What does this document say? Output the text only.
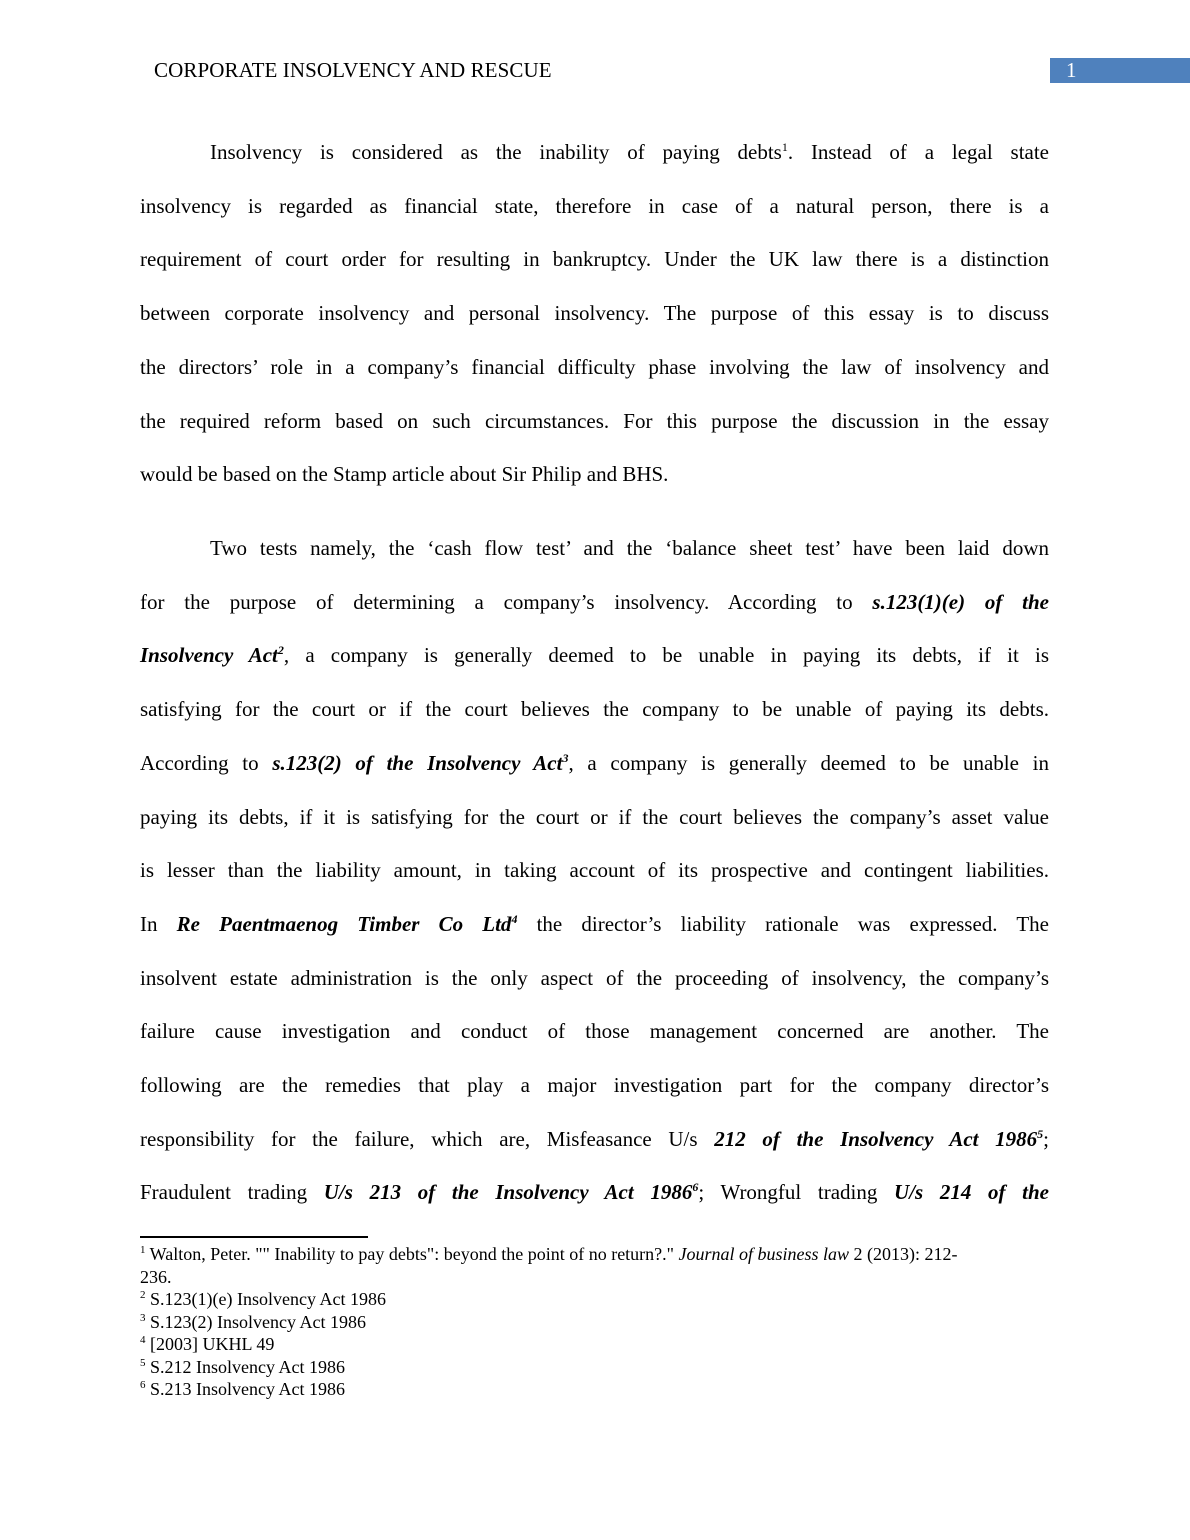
CORPORATE INSOLVENCY AND RESCUE	1
Insolvency is considered as the inability of paying debts$^1$. Instead of a legal state
insolvency is regarded as financial state, therefore in case of a natural person, there is a
requirement of court order for resulting in bankruptcy. Under the UK law there is a distinction
between corporate insolvency and personal insolvency. The purpose of this essay is to discuss
the directors’ role in a company’s financial difficulty phase involving the law of insolvency and
the required reform based on such circumstances. For this purpose the discussion in the essay
would be based on the Stamp article about Sir Philip and BHS.
Two tests namely, the ‘cash flow test’ and the ‘balance sheet test’ have been laid down
for the purpose of determining a company’s insolvency. According to s.123(1)(e) of the
Insolvency Act$^2$, a company is generally deemed to be unable in paying its debts, if it is
satisfying for the court or if the court believes the company to be unable of paying its debts.
According to s.123(2) of the Insolvency Act$^3$, a company is generally deemed to be unable in
paying its debts, if it is satisfying for the court or if the court believes the company’s asset value
is lesser than the liability amount, in taking account of its prospective and contingent liabilities.
In Re Paentmaenog Timber Co Ltd$^4$ the director’s liability rationale was expressed. The
insolvent estate administration is the only aspect of the proceeding of insolvency, the company’s
failure cause investigation and conduct of those management concerned are another. The
following are the remedies that play a major investigation part for the company director’s
responsibility for the failure, which are, Misfeasance U/s 212 of the Insolvency Act 1986$^5$;
Fraudulent trading U/s 213 of the Insolvency Act 1986$^6$; Wrongful trading U/s 214 of the
$^1$ Walton, Peter. "" Inability to pay debts": beyond the point of no return?." Journal of business law 2 (2013): 212-
236.
$^2$ S.123(1)(e) Insolvency Act 1986
$^3$ S.123(2) Insolvency Act 1986
$^4$ [2003] UKHL 49
$^5$ S.212 Insolvency Act 1986
$^6$ S.213 Insolvency Act 1986
